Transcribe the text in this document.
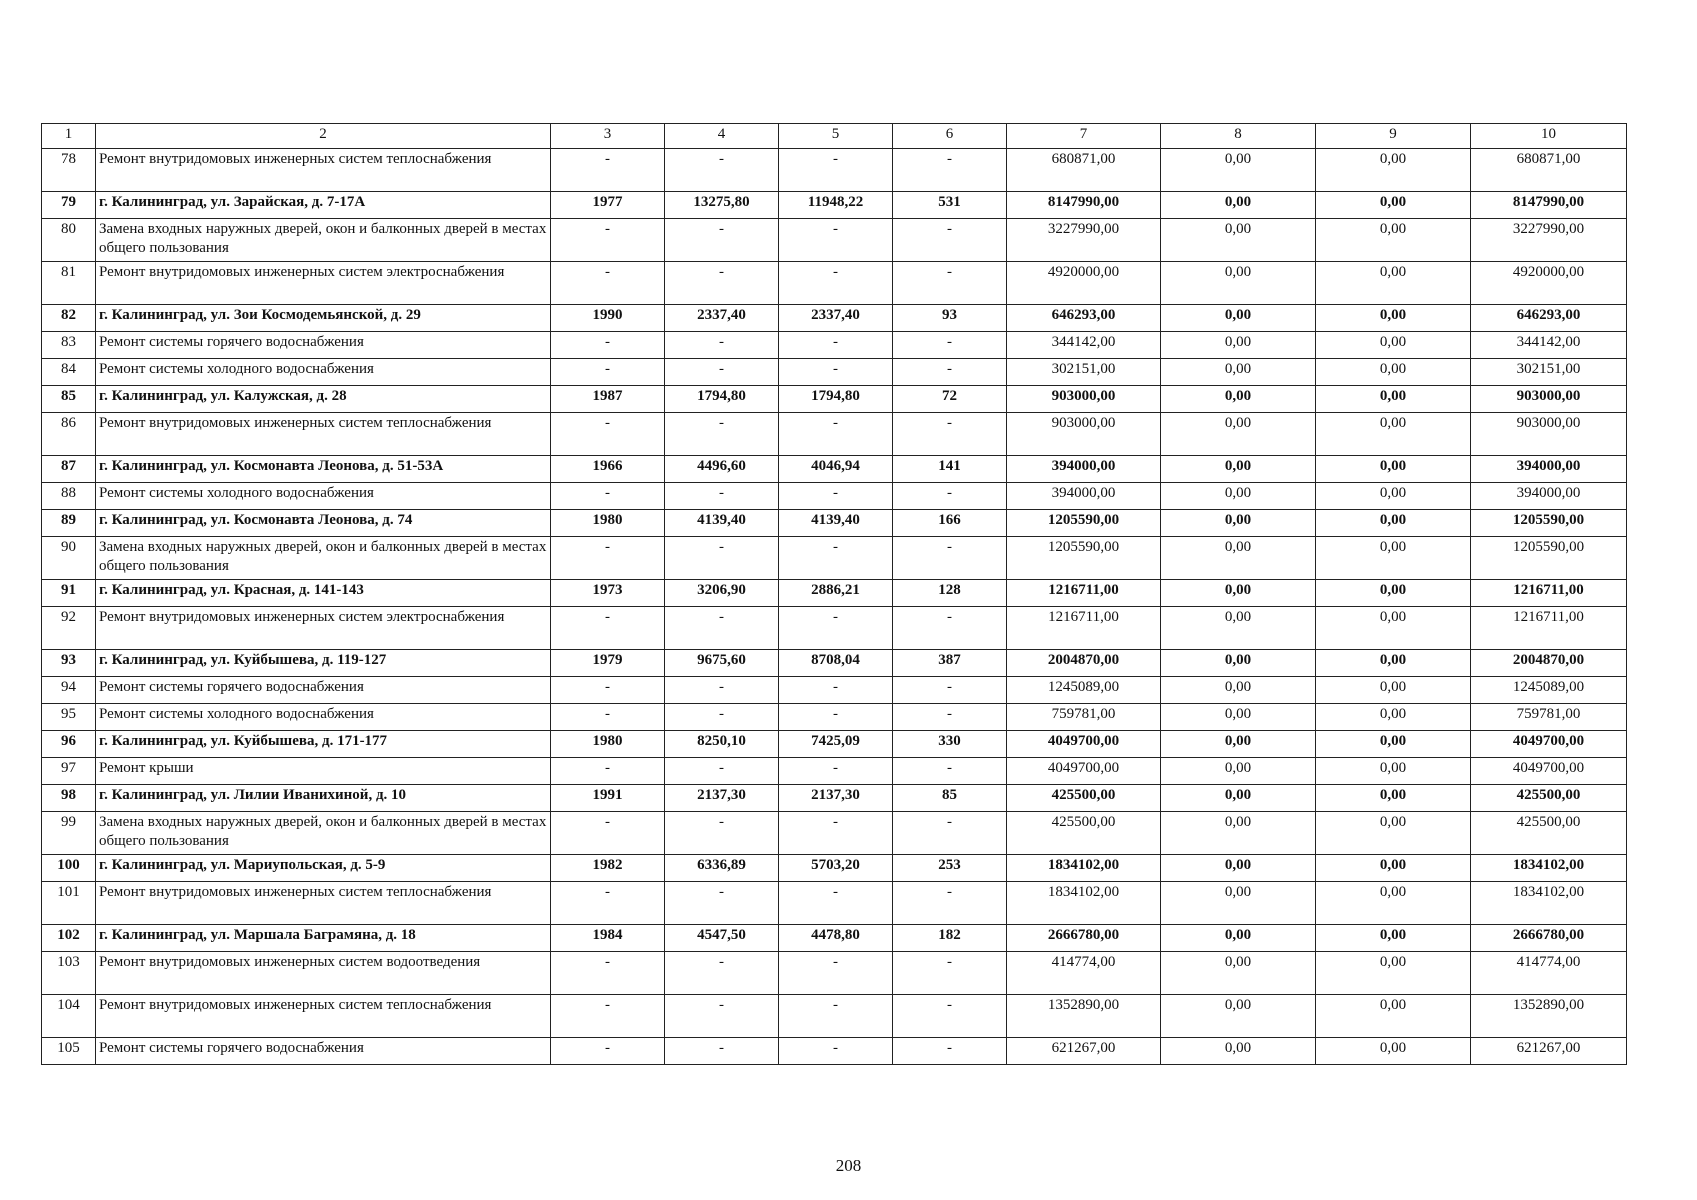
1	2	3	4	5	6	7	8	9	10
78	Ремонт внутридомовых инженерных систем теплоснабжения	-	-	-	-	680871,00	0,00	0,00	680871,00
79	г. Калининград, ул. Зарайская, д. 7-17А	1977	13275,80	11948,22	531	8147990,00	0,00	0,00	8147990,00
80	Замена входных наружных дверей, окон и балконных дверей в местах общего пользования	-	-	-	-	3227990,00	0,00	0,00	3227990,00
81	Ремонт внутридомовых инженерных систем электроснабжения	-	-	-	-	4920000,00	0,00	0,00	4920000,00
82	г. Калининград, ул. Зои Космодемьянской, д. 29	1990	2337,40	2337,40	93	646293,00	0,00	0,00	646293,00
83	Ремонт системы горячего водоснабжения	-	-	-	-	344142,00	0,00	0,00	344142,00
84	Ремонт системы холодного водоснабжения	-	-	-	-	302151,00	0,00	0,00	302151,00
85	г. Калининград, ул. Калужская, д. 28	1987	1794,80	1794,80	72	903000,00	0,00	0,00	903000,00
86	Ремонт внутридомовых инженерных систем теплоснабжения	-	-	-	-	903000,00	0,00	0,00	903000,00
87	г. Калининград, ул. Космонавта Леонова, д. 51-53А	1966	4496,60	4046,94	141	394000,00	0,00	0,00	394000,00
88	Ремонт системы холодного водоснабжения	-	-	-	-	394000,00	0,00	0,00	394000,00
89	г. Калининград, ул. Космонавта Леонова, д. 74	1980	4139,40	4139,40	166	1205590,00	0,00	0,00	1205590,00
90	Замена входных наружных дверей, окон и балконных дверей в местах общего пользования	-	-	-	-	1205590,00	0,00	0,00	1205590,00
91	г. Калининград, ул. Красная, д. 141-143	1973	3206,90	2886,21	128	1216711,00	0,00	0,00	1216711,00
92	Ремонт внутридомовых инженерных систем электроснабжения	-	-	-	-	1216711,00	0,00	0,00	1216711,00
93	г. Калининград, ул. Куйбышева, д. 119-127	1979	9675,60	8708,04	387	2004870,00	0,00	0,00	2004870,00
94	Ремонт системы горячего водоснабжения	-	-	-	-	1245089,00	0,00	0,00	1245089,00
95	Ремонт системы холодного водоснабжения	-	-	-	-	759781,00	0,00	0,00	759781,00
96	г. Калининград, ул. Куйбышева, д. 171-177	1980	8250,10	7425,09	330	4049700,00	0,00	0,00	4049700,00
97	Ремонт крыши	-	-	-	-	4049700,00	0,00	0,00	4049700,00
98	г. Калининград, ул. Лилии Иванихиной, д. 10	1991	2137,30	2137,30	85	425500,00	0,00	0,00	425500,00
99	Замена входных наружных дверей, окон и балконных дверей в местах общего пользования	-	-	-	-	425500,00	0,00	0,00	425500,00
100	г. Калининград, ул. Мариупольская, д. 5-9	1982	6336,89	5703,20	253	1834102,00	0,00	0,00	1834102,00
101	Ремонт внутридомовых инженерных систем теплоснабжения	-	-	-	-	1834102,00	0,00	0,00	1834102,00
102	г. Калининград, ул. Маршала Баграмяна, д. 18	1984	4547,50	4478,80	182	2666780,00	0,00	0,00	2666780,00
103	Ремонт внутридомовых инженерных систем водоотведения	-	-	-	-	414774,00	0,00	0,00	414774,00
104	Ремонт внутридомовых инженерных систем теплоснабжения	-	-	-	-	1352890,00	0,00	0,00	1352890,00
105	Ремонт системы горячего водоснабжения	-	-	-	-	621267,00	0,00	0,00	621267,00
208
